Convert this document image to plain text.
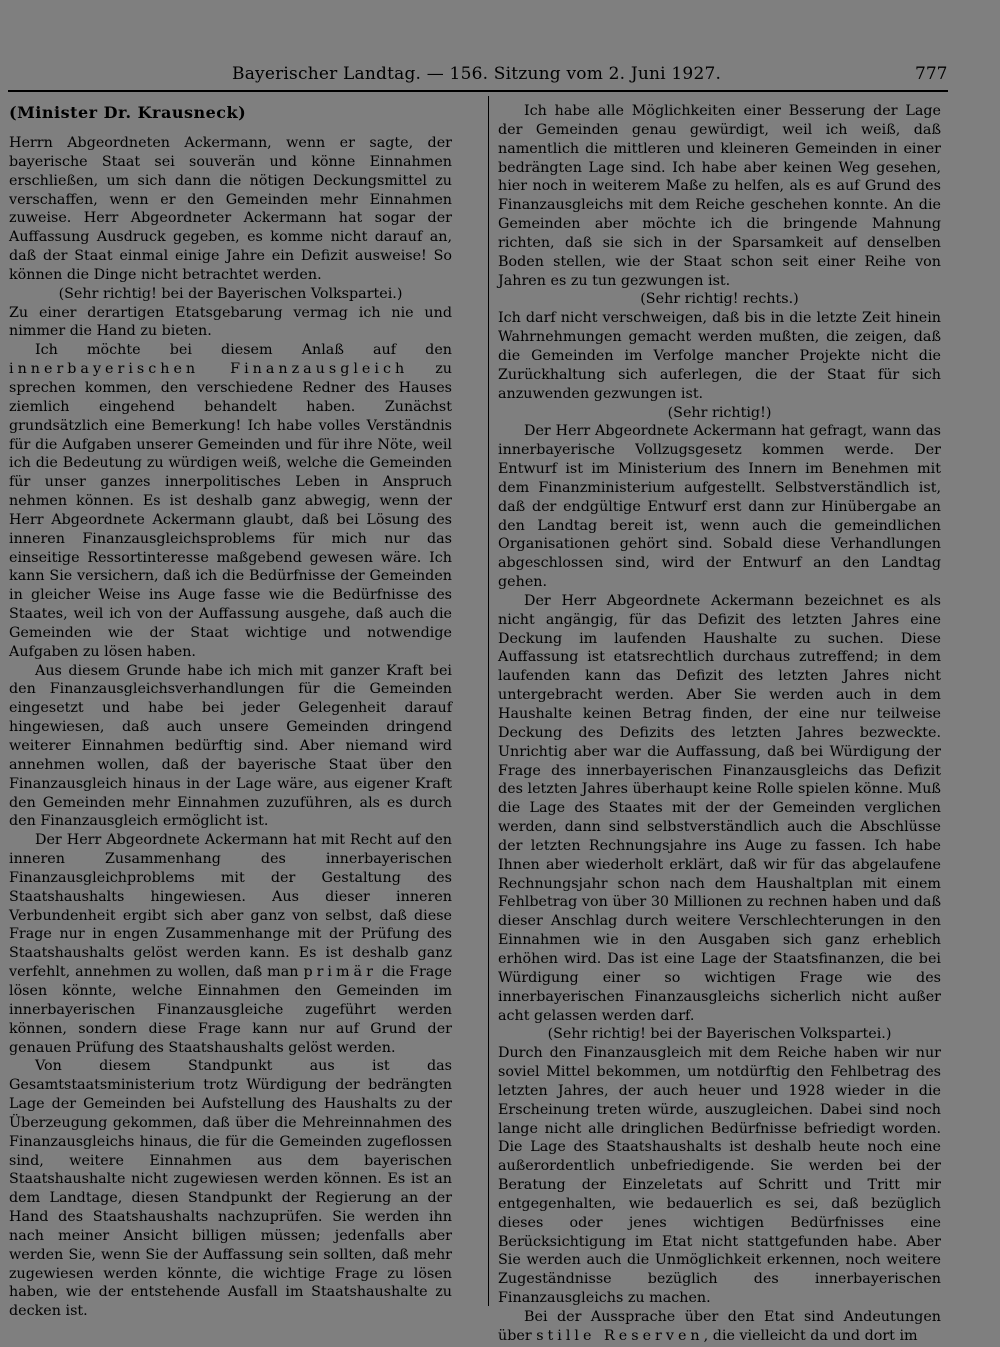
Bayerischer Landtag. — 156. Sitzung vom 2. Juni 1927.	777
(Minister Dr. Krausneck)

Herrn Abgeordneten Ackermann, wenn er sagte, der bayerische Staat sei souverän und könne Einnahmen erschließen, um sich dann die nötigen Deckungsmittel zu verschaffen, wenn er den Gemeinden mehr Einnahmen zuweise. Herr Abgeordneter Ackermann hat sogar der Auffassung Ausdruck gegeben, es komme nicht darauf an, daß der Staat einmal einige Jahre ein Defizit ausweise! So können die Dinge nicht betrachtet werden.

(Sehr richtig! bei der Bayerischen Volkspartei.)

Zu einer derartigen Etatsgebarung vermag ich nie und nimmer die Hand zu bieten.

Ich möchte bei diesem Anlaß auf den innerbayerischen Finanzausgleich zu sprechen kommen, den verschiedene Redner des Hauses ziemlich eingehend behandelt haben. Zunächst grundsätzlich eine Bemerkung! Ich habe volles Verständnis für die Aufgaben unserer Gemeinden und für ihre Nöte, weil ich die Bedeutung zu würdigen weiß, welche die Gemeinden für unser ganzes innerpolitisches Leben in Anspruch nehmen können. Es ist deshalb ganz abwegig, wenn der Herr Abgeordnete Ackermann glaubt, daß bei Lösung des inneren Finanzausgleichsproblems für mich nur das einseitige Ressortinteresse maßgebend gewesen wäre. Ich kann Sie versichern, daß ich die Bedürfnisse der Gemeinden in gleicher Weise ins Auge fasse wie die Bedürfnisse des Staates, weil ich von der Auffassung ausgehe, daß auch die Gemeinden wie der Staat wichtige und notwendige Aufgaben zu lösen haben.

Aus diesem Grunde habe ich mich mit ganzer Kraft bei den Finanzausgleichsverhandlungen für die Gemeinden eingesetzt und habe bei jeder Gelegenheit darauf hingewiesen, daß auch unsere Gemeinden dringend weiterer Einnahmen bedürftig sind. Aber niemand wird annehmen wollen, daß der bayerische Staat über den Finanzausgleich hinaus in der Lage wäre, aus eigener Kraft den Gemeinden mehr Einnahmen zuzuführen, als es durch den Finanzausgleich ermöglicht ist.

Der Herr Abgeordnete Ackermann hat mit Recht auf den inneren Zusammenhang des innerbayerischen Finanzausgleichproblems mit der Gestaltung des Staatshaushalts hingewiesen. Aus dieser inneren Verbundenheit ergibt sich aber ganz von selbst, daß diese Frage nur in engen Zusammenhange mit der Prüfung des Staatshaushalts gelöst werden kann. Es ist deshalb ganz verfehlt, annehmen zu wollen, daß man primär die Frage lösen könnte, welche Einnahmen den Gemeinden im innerbayerischen Finanzausgleiche zugeführt werden können, sondern diese Frage kann nur auf Grund der genauen Prüfung des Staatshaushalts gelöst werden.

Von diesem Standpunkt aus ist das Gesamtstaatsministerium trotz Würdigung der bedrängten Lage der Gemeinden bei Aufstellung des Haushalts zu der Überzeugung gekommen, daß über die Mehreinnahmen des Finanzausgleichs hinaus, die für die Gemeinden zugeflossen sind, weitere Einnahmen aus dem bayerischen Staatshaushalte nicht zugewiesen werden können. Es ist an dem Landtage, diesen Standpunkt der Regierung an der Hand des Staatshaushalts nachzuprüfen. Sie werden ihn nach meiner Ansicht billigen müssen; jedenfalls aber werden Sie, wenn Sie der Auffassung sein sollten, daß mehr zugewiesen werden könnte, die wichtige Frage zu lösen haben, wie der entstehende Ausfall im Staatshaushalte zu decken ist.

Ich habe alle Möglichkeiten einer Besserung der Lage der Gemeinden genau gewürdigt, weil ich weiß, daß namentlich die mittleren und kleineren Gemeinden in einer bedrängten Lage sind. Ich habe aber keinen Weg gesehen, hier noch in weiterem Maße zu helfen, als es auf Grund des Finanzausgleichs mit dem Reiche geschehen konnte. An die Gemeinden aber möchte ich die bringende Mahnung richten, daß sie sich in der Sparsamkeit auf denselben Boden stellen, wie der Staat schon seit einer Reihe von Jahren es zu tun gezwungen ist.

(Sehr richtig! rechts.)

Ich darf nicht verschweigen, daß bis in die letzte Zeit hinein Wahrnehmungen gemacht werden mußten, die zeigen, daß die Gemeinden im Verfolge mancher Projekte nicht die Zurückhaltung sich auferlegen, die der Staat für sich anzuwenden gezwungen ist.

(Sehr richtig!)

Der Herr Abgeordnete Ackermann hat gefragt, wann das innerbayerische Vollzugsgesetz kommen werde. Der Entwurf ist im Ministerium des Innern im Benehmen mit dem Finanzministerium aufgestellt. Selbstverständlich ist, daß der endgültige Entwurf erst dann zur Hinübergabe an den Landtag bereit ist, wenn auch die gemeindlichen Organisationen gehört sind. Sobald diese Verhandlungen abgeschlossen sind, wird der Entwurf an den Landtag gehen.

Der Herr Abgeordnete Ackermann bezeichnet es als nicht angängig, für das Defizit des letzten Jahres eine Deckung im laufenden Haushalte zu suchen. Diese Auffassung ist etatsrechtlich durchaus zutreffend; in dem laufenden kann das Defizit des letzten Jahres nicht untergebracht werden. Aber Sie werden auch in dem Haushalte keinen Betrag finden, der eine nur teilweise Deckung des Defizits des letzten Jahres bezweckte. Unrichtig aber war die Auffassung, daß bei Würdigung der Frage des innerbayerischen Finanzausgleichs das Defizit des letzten Jahres überhaupt keine Rolle spielen könne. Muß die Lage des Staates mit der der Gemeinden verglichen werden, dann sind selbstverständlich auch die Abschlüsse der letzten Rechnungsjahre ins Auge zu fassen. Ich habe Ihnen aber wiederholt erklärt, daß wir für das abgelaufene Rechnungsjahr schon nach dem Haushaltplan mit einem Fehlbetrag von über 30 Millionen zu rechnen haben und daß dieser Anschlag durch weitere Verschlechterungen in den Einnahmen wie in den Ausgaben sich ganz erheblich erhöhen wird. Das ist eine Lage der Staatsfinanzen, die bei Würdigung einer so wichtigen Frage wie des innerbayerischen Finanzausgleichs sicherlich nicht außer acht gelassen werden darf.

(Sehr richtig! bei der Bayerischen Volkspartei.)

Durch den Finanzausgleich mit dem Reiche haben wir nur soviel Mittel bekommen, um notdürftig den Fehlbetrag des letzten Jahres, der auch heuer und 1928 wieder in die Erscheinung treten würde, auszugleichen. Dabei sind noch lange nicht alle dringlichen Bedürfnisse befriedigt worden. Die Lage des Staatshaushalts ist deshalb heute noch eine außerordentlich unbefriedigende. Sie werden bei der Beratung der Einzeletats auf Schritt und Tritt mir entgegenhalten, wie bedauerlich es sei, daß bezüglich dieses oder jenes wichtigen Bedürfnisses eine Berücksichtigung im Etat nicht stattgefunden habe. Aber Sie werden auch die Unmöglichkeit erkennen, noch weitere Zugeständnisse bezüglich des innerbayerischen Finanzausgleichs zu machen.

Bei der Aussprache über den Etat sind Andeutungen über stille Reserven, die vielleicht da und dort im
